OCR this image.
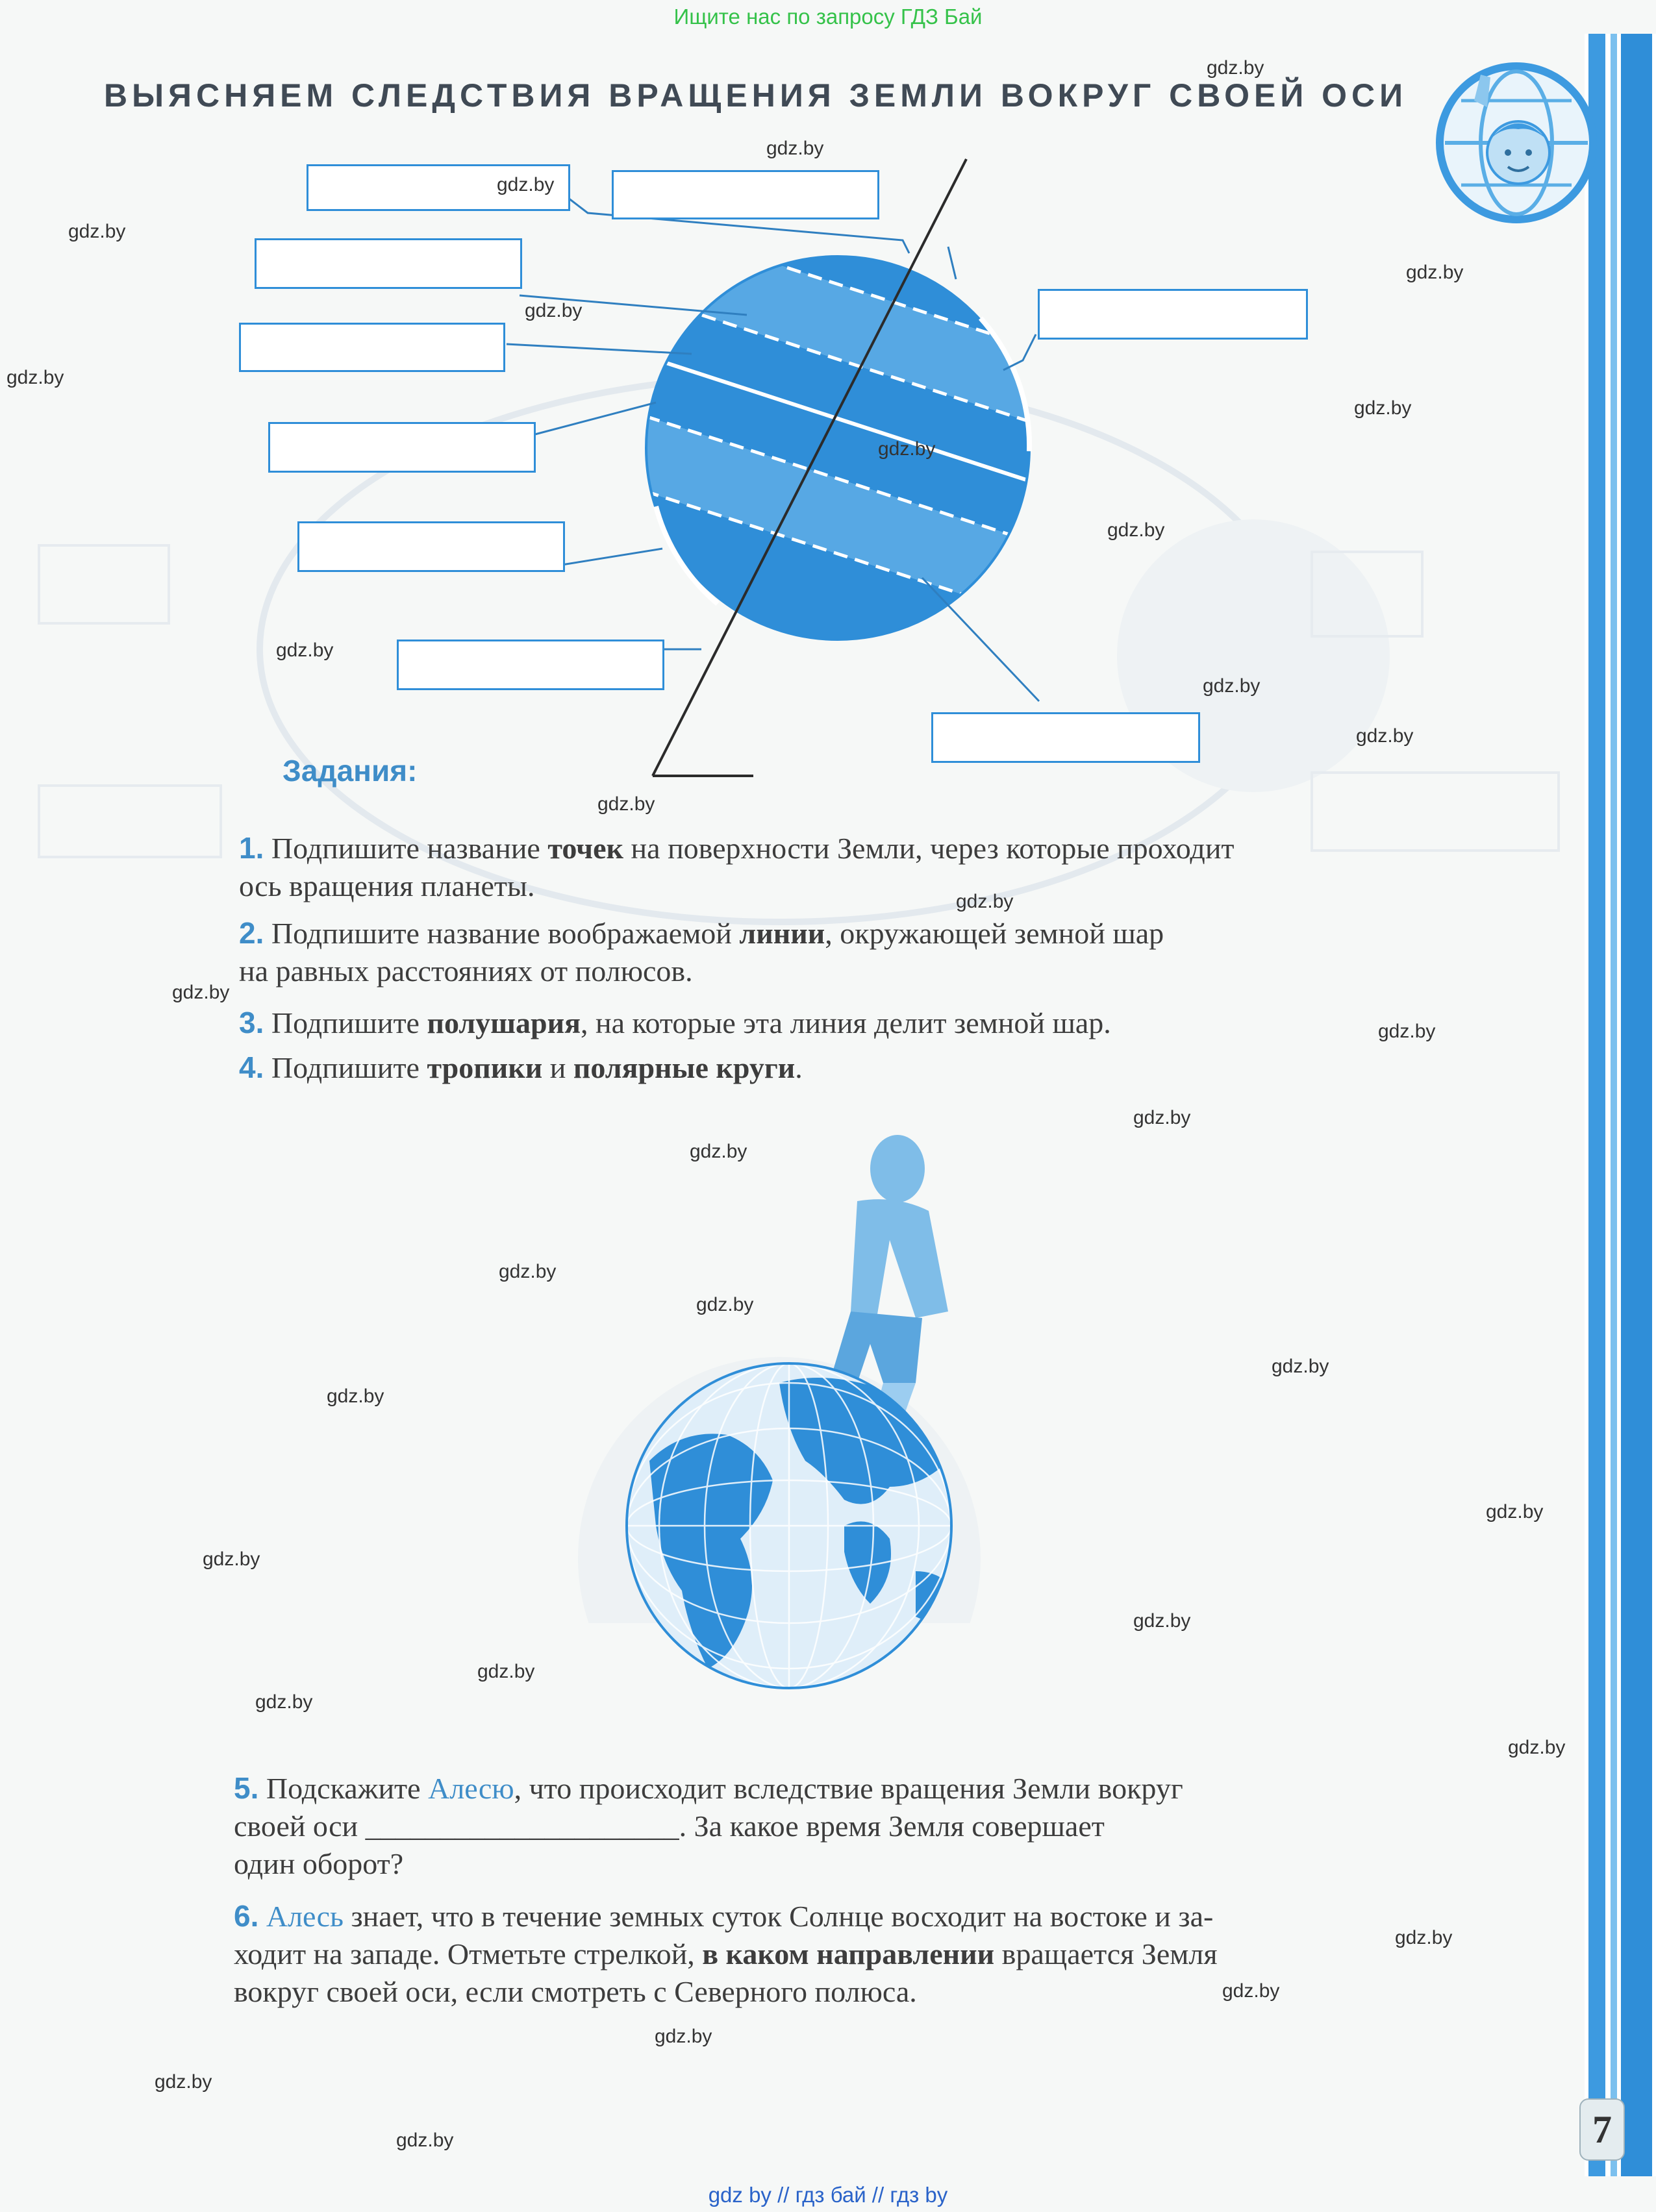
Ищите нас по запросу ГДЗ Бай
gdz by // гдз бай // гдз by
ВЫЯСНЯЕМ СЛЕДСТВИЯ ВРАЩЕНИЯ ЗЕМЛИ ВОКРУГ СВОЕЙ ОСИ
Задания:
1. Подпишите название точек на поверхности Земли, через которые проходит
ось вращения планеты.
2. Подпишите название воображаемой линии, окружающей земной шар
на равных расстояниях от полюсов.
3. Подпишите полушария, на которые эта линия делит земной шар.
4. Подпишите тропики и полярные круги.
5. Подскажите Алесю, что происходит вследствие вращения Земли вокруг
своей оси _____________________. За какое время Земля совершает
один оборот?
6. Алесь знает, что в течение земных суток Солнце восходит на востоке и за-
ходит на западе. Отметьте стрелкой, в каком направлении вращается Земля
вокруг своей оси, если смотреть с Северного полюса.
7
gdz.by
gdz.by
gdz.by
gdz.by
gdz.by
gdz.by
gdz.by
gdz.by
gdz.by
gdz.by
gdz.by
gdz.by
gdz.by
gdz.by
gdz.by
gdz.by
gdz.by
gdz.by
gdz.by
gdz.by
gdz.by
gdz.by
gdz.by
gdz.by
gdz.by
gdz.by
gdz.by
gdz.by
gdz.by
gdz.by
gdz.by
gdz.by
gdz.by
gdz.by
